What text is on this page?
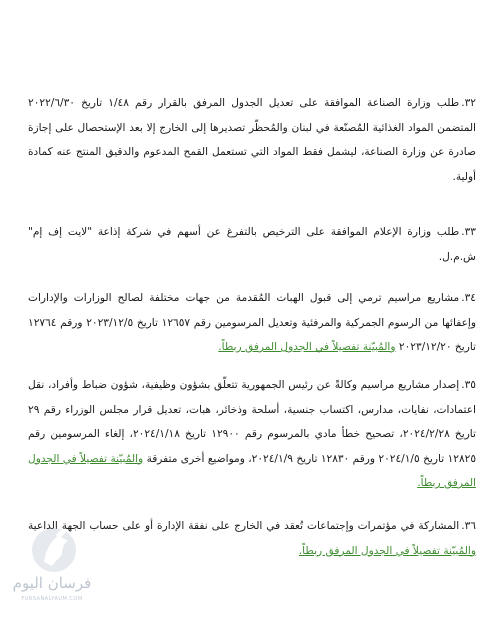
٣٢.طلب وزارة الصناعة الموافقة على تعديل الجدول المرفق بالقرار رقم ١/٤٨ تاريخ ٢٠٢٢/٦/٣٠ المتضمن المواد الغذائية المُصنّعة في لبنان والمُحظّر تصديرها إلى الخارج إلا بعد الإستحصال على إجازة صادرة عن وزارة الصناعة، ليشمل فقط المواد التي تستعمل القمح المدعوم والدقيق المنتج عنه كمادة أولية.

٣٣.طلب وزارة الإعلام الموافقة على الترخيص بالتفرغ عن أسهم في شركة إذاعة "لايت إف إم" ش.م.ل.

٣٤.مشاريع مراسيم ترمي إلى قبول الهبات المُقدمة من جهات مختلفة لصالح الوزارات والإدارات وإعفائها من الرسوم الجمركية والمرفئية وتعديل المرسومين رقم ١٢٦٥٧ تاريخ ٢٠٢٣/١٢/٥ ورقم ١٢٧٦٤ تاريخ ٢٠٢٣/١٢/٢٠ والمُبيّنة تفصيلاً في الجدول المرفق ربطاً.

٣٥.إصدار مشاريع مراسيم وكالةً عن رئيس الجمهورية تتعلّق بشؤون وظيفية، شؤون ضباط وأفراد، نقل اعتمادات، نفايات، مدارس، اكتساب جنسية، أسلحة وذخائر، هبات، تعديل قرار مجلس الوزراء رقم ٢٩ تاريخ ٢٠٢٤/٢/٢٨، تصحيح خطأ مادي بالمرسوم رقم ١٢٩٠٠ تاريخ ٢٠٢٤/١/١٨، إلغاء المرسومين رقم ١٢٨٢٥ تاريخ ٢٠٢٤/١/٥ ورقم ١٢٨٣٠ تاريخ ٢٠٢٤/١/٩، ومواضيع أخرى متفرقة والمُبيّنة تفصيلاً في الجدول المرفق ربطاً.

٣٦.المشاركة في مؤتمرات وإجتماعات تُعقد في الخارج على نفقة الإدارة أو على حساب الجهة الداعية والمُبيّنة تفصيلاً في الجدول المرفق ربطاً.

فرسان اليوم
FURSANALYAUM.COM
